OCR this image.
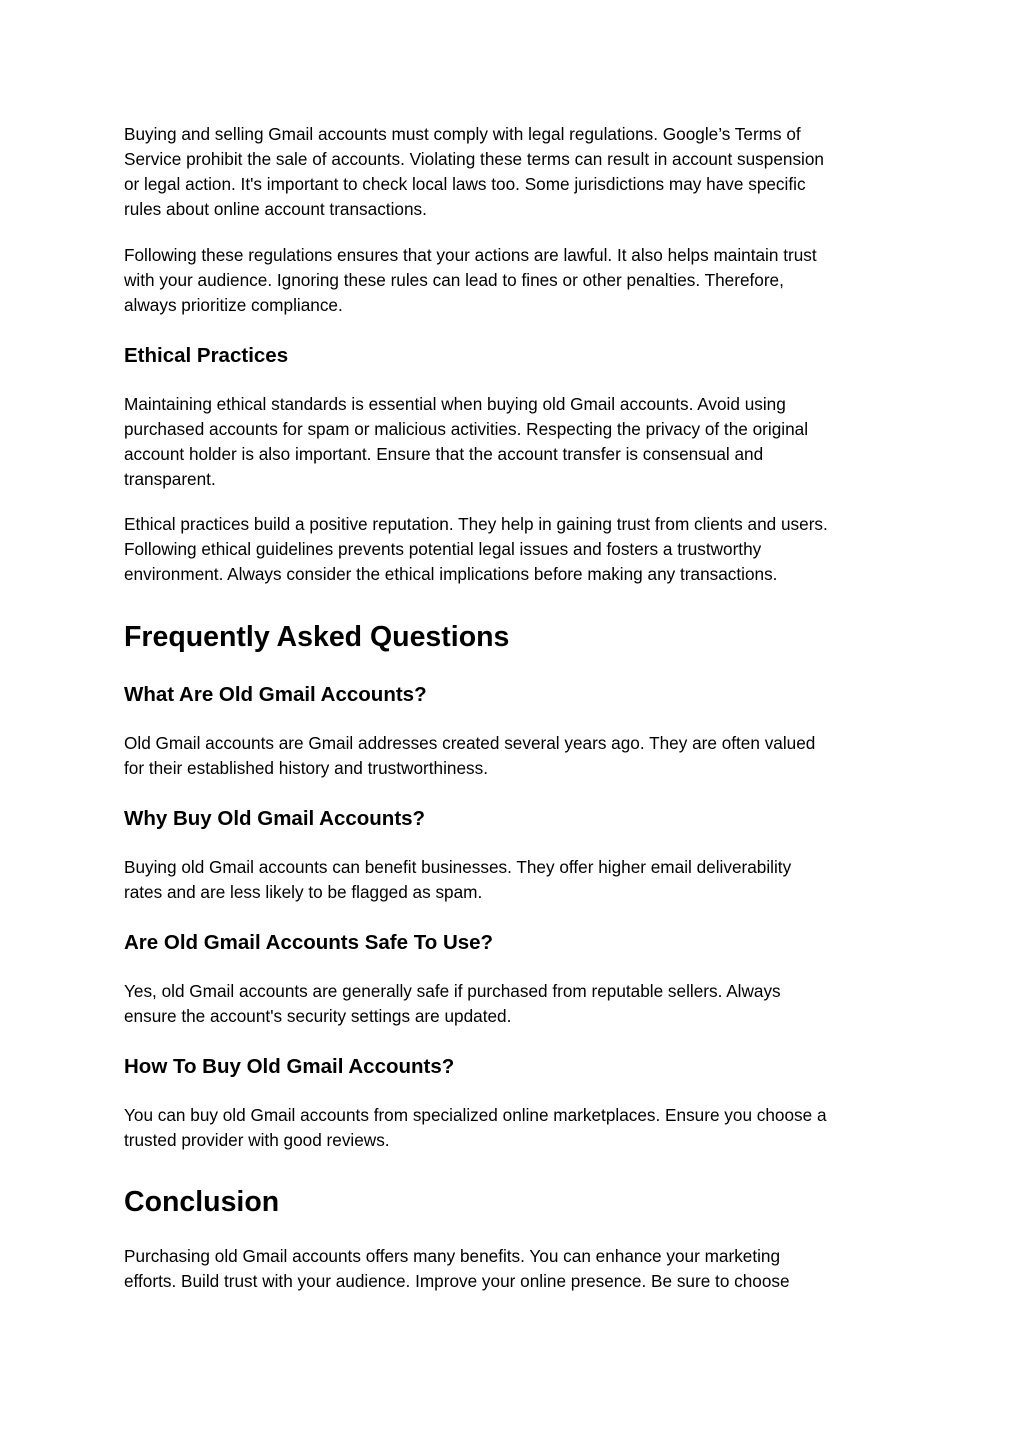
Buying and selling Gmail accounts must comply with legal regulations. Google’s Terms of
Service prohibit the sale of accounts. Violating these terms can result in account suspension
or legal action. It's important to check local laws too. Some jurisdictions may have specific
rules about online account transactions.
Following these regulations ensures that your actions are lawful. It also helps maintain trust
with your audience. Ignoring these rules can lead to fines or other penalties. Therefore,
always prioritize compliance.
Ethical Practices
Maintaining ethical standards is essential when buying old Gmail accounts. Avoid using
purchased accounts for spam or malicious activities. Respecting the privacy of the original
account holder is also important. Ensure that the account transfer is consensual and
transparent.
Ethical practices build a positive reputation. They help in gaining trust from clients and users.
Following ethical guidelines prevents potential legal issues and fosters a trustworthy
environment. Always consider the ethical implications before making any transactions.
Frequently Asked Questions
What Are Old Gmail Accounts?
Old Gmail accounts are Gmail addresses created several years ago. They are often valued
for their established history and trustworthiness.
Why Buy Old Gmail Accounts?
Buying old Gmail accounts can benefit businesses. They offer higher email deliverability
rates and are less likely to be flagged as spam.
Are Old Gmail Accounts Safe To Use?
Yes, old Gmail accounts are generally safe if purchased from reputable sellers. Always
ensure the account's security settings are updated.
How To Buy Old Gmail Accounts?
You can buy old Gmail accounts from specialized online marketplaces. Ensure you choose a
trusted provider with good reviews.
Conclusion
Purchasing old Gmail accounts offers many benefits. You can enhance your marketing
efforts. Build trust with your audience. Improve your online presence. Be sure to choose
